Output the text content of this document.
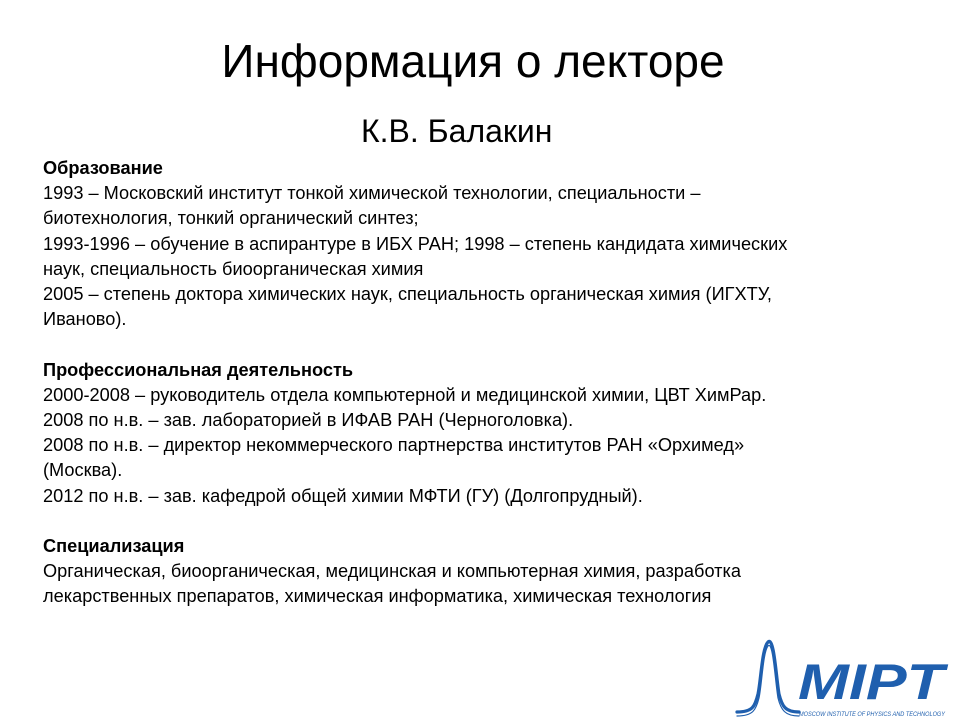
Информация о лекторе
К.В. Балакин
Образование
1993 – Московский институт тонкой химической технологии, специальности –
биотехнология, тонкий органический синтез;
1993-1996 – обучение в аспирантуре в ИБХ РАН; 1998 – степень кандидата химических
наук, специальность биоорганическая химия
2005 – степень доктора химических наук, специальность органическая химия (ИГХТУ,
Иваново).
Профессиональная деятельность
2000-2008 – руководитель отдела компьютерной и медицинской химии, ЦВТ ХимРар.
2008 по н.в. – зав. лабораторией в ИФАВ РАН (Черноголовка).
2008 по н.в. – директор некоммерческого партнерства институтов РАН «Орхимед»
(Москва).
2012 по н.в. – зав. кафедрой общей химии МФТИ (ГУ) (Долгопрудный).
Специализация
Органическая, биоорганическая, медицинская и компьютерная химия, разработка
лекарственных препаратов, химическая информатика, химическая технология
MIPT
MOSCOW INSTITUTE OF PHYSICS AND TECHNOLOGY
